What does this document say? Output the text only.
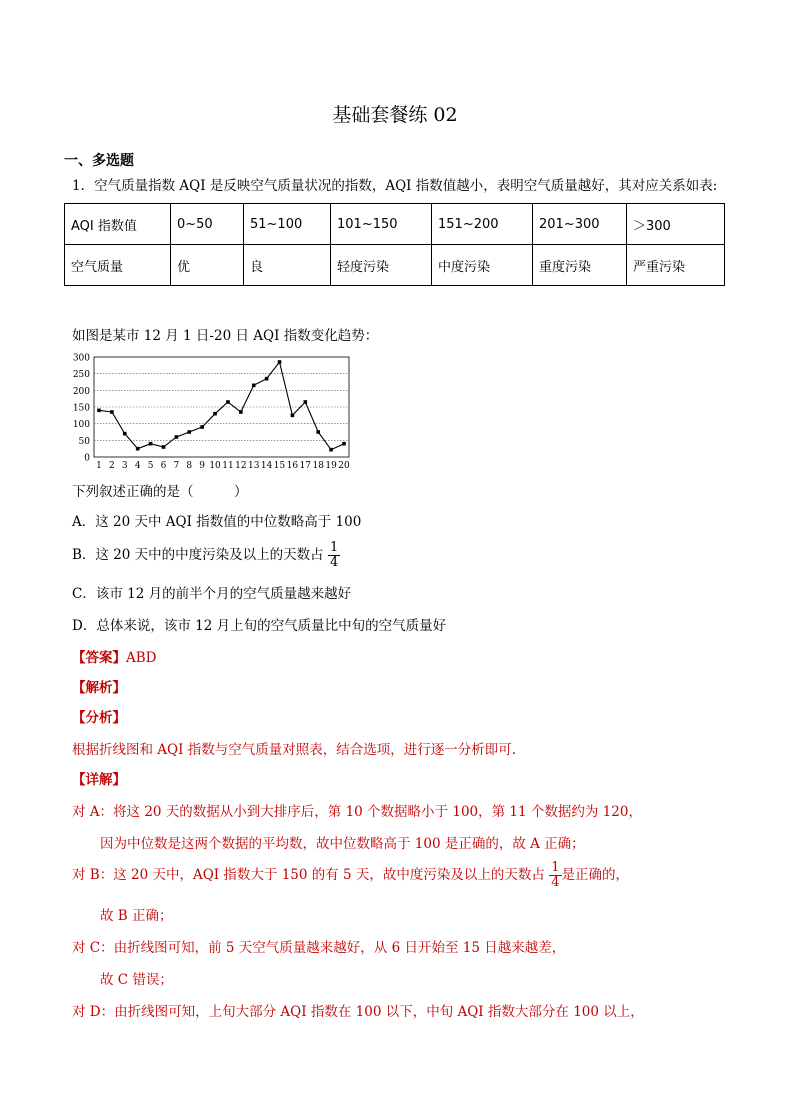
基础套餐练 02
一、多选题
1．空气质量指数 AQI 是反映空气质量状况的指数，AQI 指数值越小，表明空气质量越好，其对应关系如表:
AQI 指数值	0~50	51~100	101~150	151~200	201~300	＞300
空气质量	优	良	轻度污染	中度污染	重度污染	严重污染
如图是某市 12 月 1 日-20 日 AQI 指数变化趋势：
0
50
100
150
200
250
300
1 2 3 4 5 6 7 8 9 10 11 12 13 14 15 16 17 18 19 20
下列叙述正确的是（　　　）
A．这 20 天中 AQI 指数值的中位数略高于 100
B．这 20 天中的中度污染及以上的天数占 $\frac{1}{4}$
C．该市 12 月的前半个月的空气质量越来越好
D．总体来说，该市 12 月上旬的空气质量比中旬的空气质量好
【答案】ABD
【解析】
【分析】
根据折线图和 AQI 指数与空气质量对照表，结合选项，进行逐一分析即可.
【详解】
对 A：将这 20 天的数据从小到大排序后，第 10 个数据略小于 100，第 11 个数据约为 120，
因为中位数是这两个数据的平均数，故中位数略高于 100 是正确的，故 A 正确；
对 B：这 20 天中，AQI 指数大于 150 的有 5 天，故中度污染及以上的天数占 $\frac{1}{4}$ 是正确的，
故 B 正确；
对 C：由折线图可知，前 5 天空气质量越来越好，从 6 日开始至 15 日越来越差，
故 C 错误；
对 D：由折线图可知，上旬大部分 AQI 指数在 100 以下，中旬 AQI 指数大部分在 100 以上，
